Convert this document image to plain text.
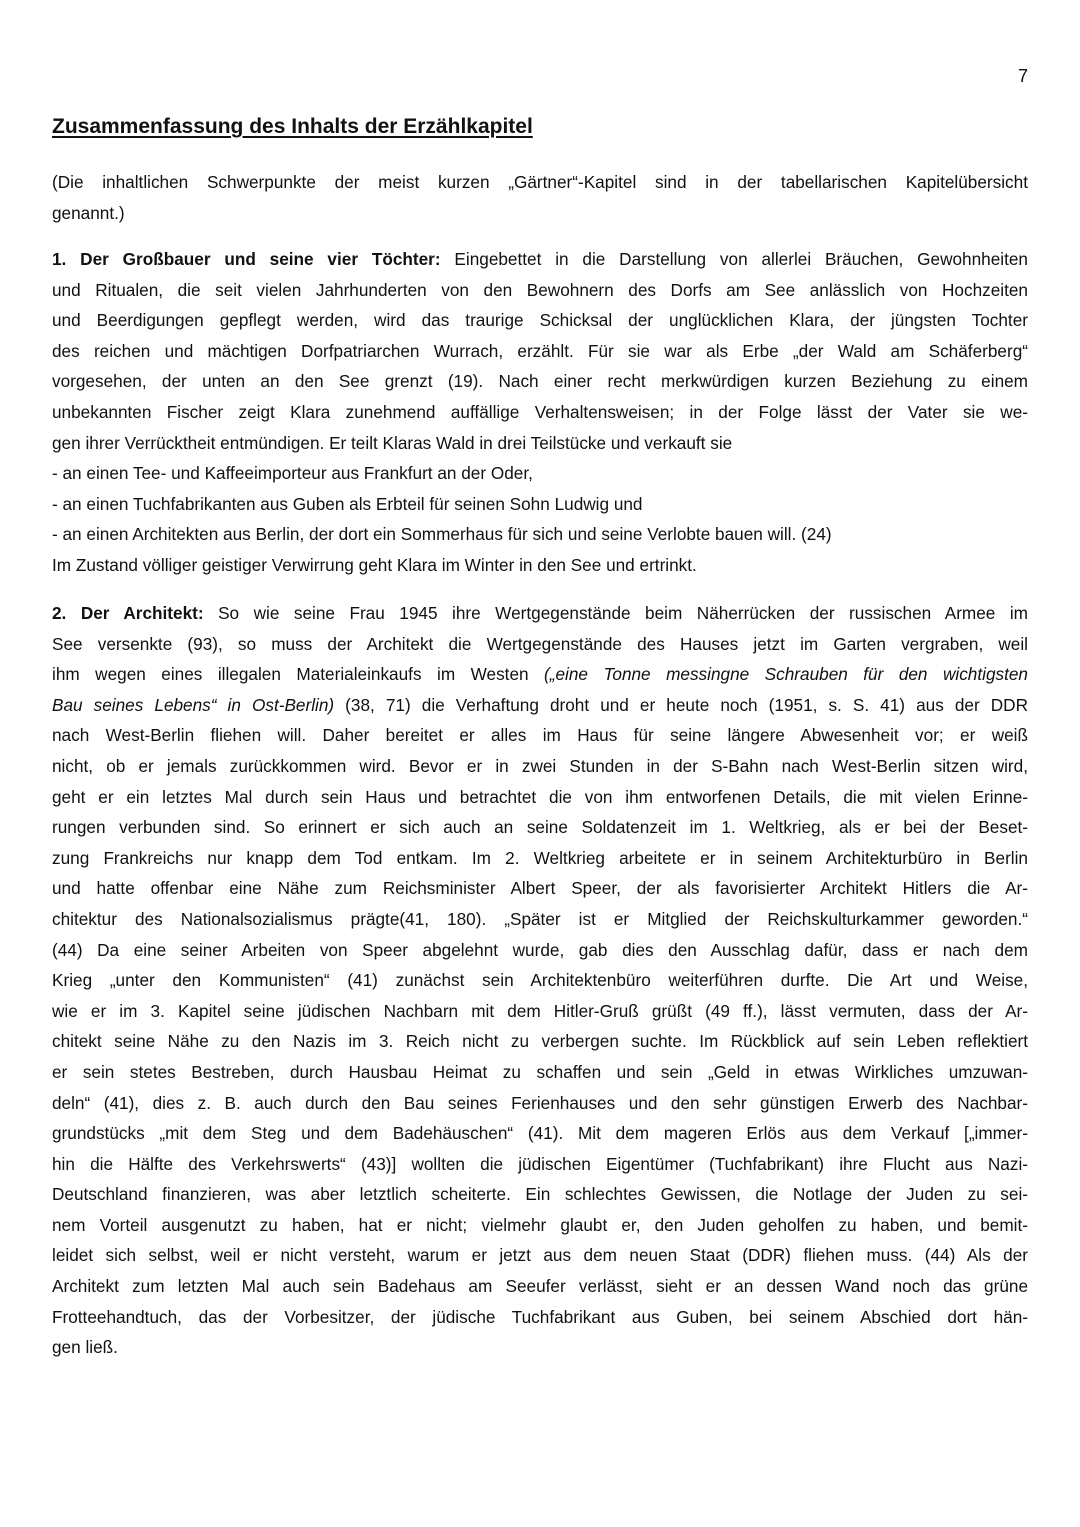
7
Zusammenfassung des Inhalts der Erzählkapitel
(Die inhaltlichen Schwerpunkte der meist kurzen „Gärtner“-Kapitel sind in der tabellarischen Kapitelübersicht
genannt.)
1. Der Großbauer und seine vier Töchter: Eingebettet in die Darstellung von allerlei Bräuchen, Gewohnheiten
und Ritualen, die seit vielen Jahrhunderten von den Bewohnern des Dorfs am See anlässlich von Hochzeiten
und Beerdigungen gepflegt werden, wird das traurige Schicksal der unglücklichen Klara, der jüngsten Tochter
des reichen und mächtigen Dorfpatriarchen Wurrach, erzählt. Für sie war als Erbe „der Wald am Schäferberg“
vorgesehen, der unten an den See grenzt (19). Nach einer recht merkwürdigen kurzen Beziehung zu einem
unbekannten Fischer zeigt Klara zunehmend auffällige Verhaltensweisen; in der Folge lässt der Vater sie we-
gen ihrer Verrücktheit entmündigen. Er teilt Klaras Wald in drei Teilstücke und verkauft sie
- an einen Tee- und Kaffeeimporteur aus Frankfurt an der Oder,
- an einen Tuchfabrikanten aus Guben als Erbteil für seinen Sohn Ludwig und
- an einen Architekten aus Berlin, der dort ein Sommerhaus für sich und seine Verlobte bauen will. (24)
Im Zustand völliger geistiger Verwirrung geht Klara im Winter in den See und ertrinkt.
2. Der Architekt: So wie seine Frau 1945 ihre Wertgegenstände beim Näherrücken der russischen Armee im
See versenkte (93), so muss der Architekt die Wertgegenstände des Hauses jetzt im Garten vergraben, weil
ihm wegen eines illegalen Materialeinkaufs im Westen („eine Tonne messingne Schrauben für den wichtigsten
Bau seines Lebens“ in Ost-Berlin) (38, 71) die Verhaftung droht und er heute noch (1951, s. S. 41) aus der DDR
nach West-Berlin fliehen will. Daher bereitet er alles im Haus für seine längere Abwesenheit vor; er weiß
nicht, ob er jemals zurückkommen wird. Bevor er in zwei Stunden in der S-Bahn nach West-Berlin sitzen wird,
geht er ein letztes Mal durch sein Haus und betrachtet die von ihm entworfenen Details, die mit vielen Erinne-
rungen verbunden sind. So erinnert er sich auch an seine Soldatenzeit im 1. Weltkrieg, als er bei der Beset-
zung Frankreichs nur knapp dem Tod entkam. Im 2. Weltkrieg arbeitete er in seinem Architekturbüro in Berlin
und hatte offenbar eine Nähe zum Reichsminister Albert Speer, der als favorisierter Architekt Hitlers die Ar-
chitektur des Nationalsozialismus prägte(41, 180). „Später ist er Mitglied der Reichskulturkammer geworden.“
(44) Da eine seiner Arbeiten von Speer abgelehnt wurde, gab dies den Ausschlag dafür, dass er nach dem
Krieg „unter den Kommunisten“ (41) zunächst sein Architektenbüro weiterführen durfte. Die Art und Weise,
wie er im 3. Kapitel seine jüdischen Nachbarn mit dem Hitler-Gruß grüßt (49 ff.), lässt vermuten, dass der Ar-
chitekt seine Nähe zu den Nazis im 3. Reich nicht zu verbergen suchte. Im Rückblick auf sein Leben reflektiert
er sein stetes Bestreben, durch Hausbau Heimat zu schaffen und sein „Geld in etwas Wirkliches umzuwan-
deln“ (41), dies z. B. auch durch den Bau seines Ferienhauses und den sehr günstigen Erwerb des Nachbar-
grundstücks „mit dem Steg und dem Badehäuschen“ (41). Mit dem mageren Erlös aus dem Verkauf [„immer-
hin die Hälfte des Verkehrswerts“ (43)] wollten die jüdischen Eigentümer (Tuchfabrikant) ihre Flucht aus Nazi-
Deutschland finanzieren, was aber letztlich scheiterte. Ein schlechtes Gewissen, die Notlage der Juden zu sei-
nem Vorteil ausgenutzt zu haben, hat er nicht; vielmehr glaubt er, den Juden geholfen zu haben, und bemit-
leidet sich selbst, weil er nicht versteht, warum er jetzt aus dem neuen Staat (DDR) fliehen muss. (44) Als der
Architekt zum letzten Mal auch sein Badehaus am Seeufer verlässt, sieht er an dessen Wand noch das grüne
Frotteehandtuch, das der Vorbesitzer, der jüdische Tuchfabrikant aus Guben, bei seinem Abschied dort hän-
gen ließ.
